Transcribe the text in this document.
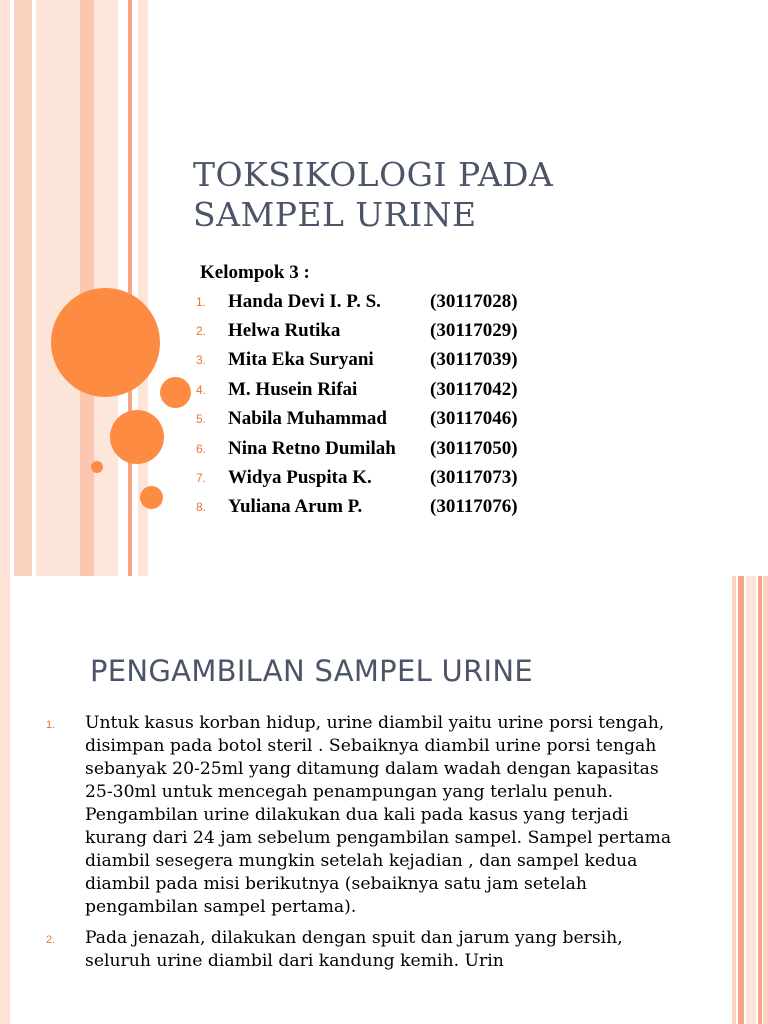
TOKSIKOLOGI PADA
SAMPEL URINE
Kelompok 3 :
1.	Handa Devi I. P. S.	(30117028)
2.	Helwa Rutika	(30117029)
3.	Mita Eka Suryani	(30117039)
4.	M. Husein Rifai	(30117042)
5.	Nabila Muhammad	(30117046)
6.	Nina Retno Dumilah	(30117050)
7.	Widya Puspita K.	(30117073)
8.	Yuliana Arum P.	(30117076)
PENGAMBILAN SAMPEL URINE
1. Untuk kasus korban hidup, urine diambil yaitu urine porsi tengah, disimpan pada botol steril . Sebaiknya diambil urine porsi tengah sebanyak 20-25ml yang ditamung dalam wadah dengan kapasitas 25-30ml untuk mencegah penampungan yang terlalu penuh. Pengambilan urine dilakukan dua kali pada kasus yang terjadi kurang dari 24 jam sebelum pengambilan sampel. Sampel pertama diambil sesegera mungkin setelah kejadian , dan sampel kedua diambil pada misi berikutnya (sebaiknya satu jam setelah pengambilan sampel pertama).
2. Pada jenazah, dilakukan dengan spuit dan jarum yang bersih, seluruh urine diambil dari kandung kemih. Urin
